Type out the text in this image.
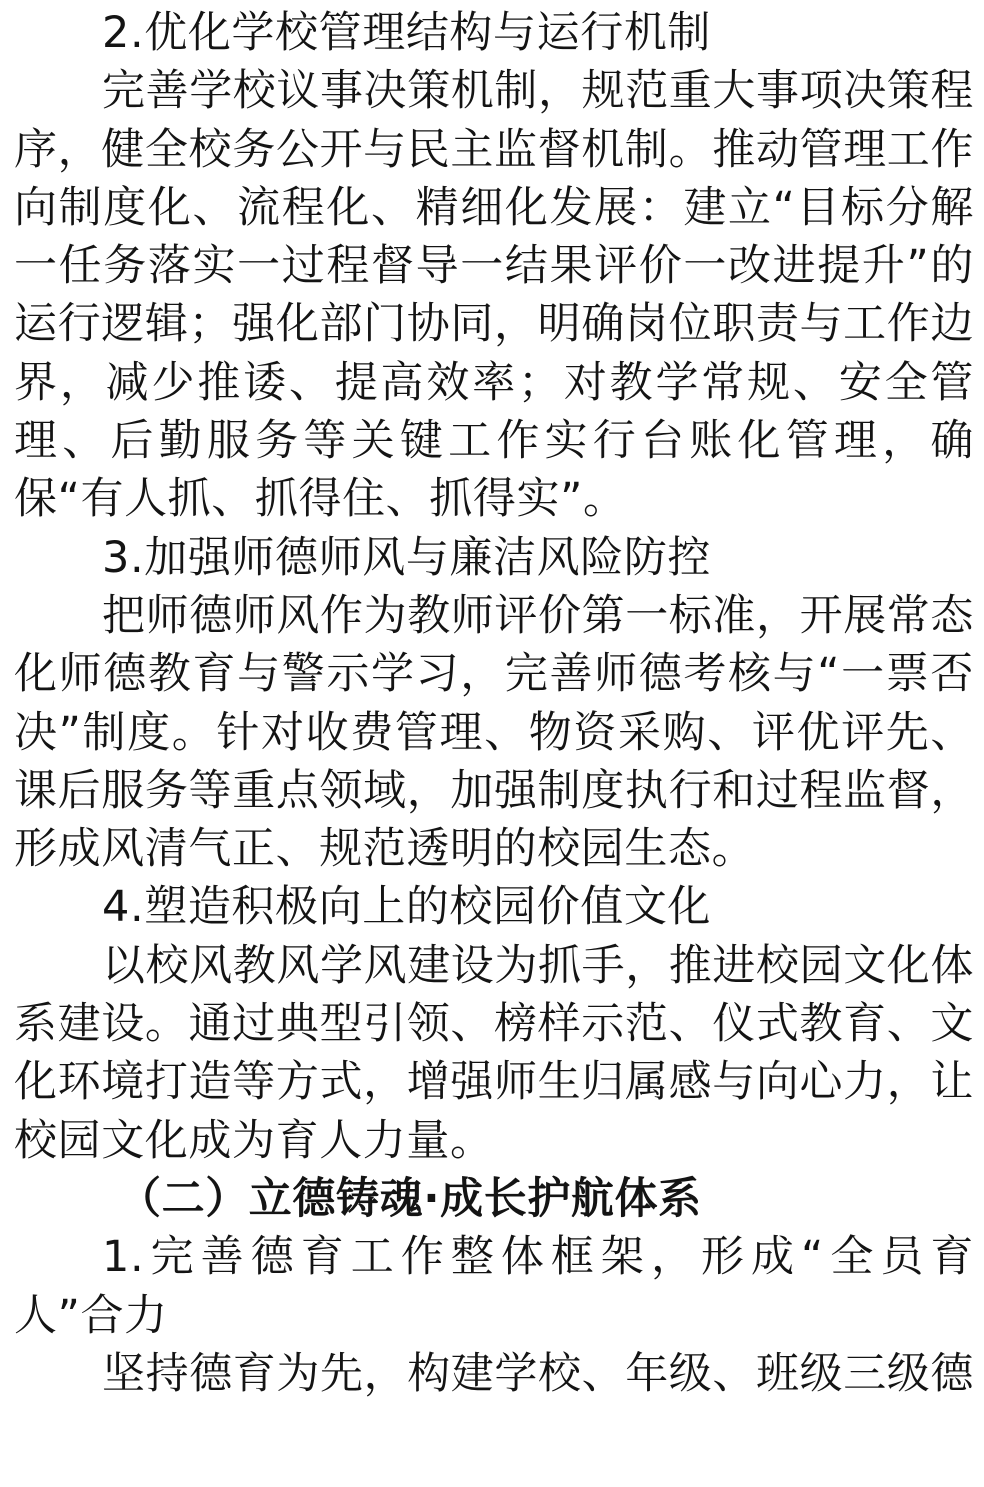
2.优化学校管理结构与运行机制

完善学校议事决策机制，规范重大事项决策程序，健全校务公开与民主监督机制。推动管理工作向制度化、流程化、精细化发展：建立“目标分解一任务落实一过程督导一结果评价一改进提升”的运行逻辑；强化部门协同，明确岗位职责与工作边界，减少推诿、提高效率；对教学常规、安全管理、后勤服务等关键工作实行台账化管理，确保“有人抓、抓得住、抓得实”。

3.加强师德师风与廉洁风险防控

把师德师风作为教师评价第一标准，开展常态化师德教育与警示学习，完善师德考核与“一票否决”制度。针对收费管理、物资采购、评优评先、课后服务等重点领域，加强制度执行和过程监督，形成风清气正、规范透明的校园生态。

4.塑造积极向上的校园价值文化

以校风教风学风建设为抓手，推进校园文化体系建设。通过典型引领、榜样示范、仪式教育、文化环境打造等方式，增强师生归属感与向心力，让校园文化成为育人力量。

（二）立德铸魂·成长护航体系

1.完善德育工作整体框架，形成“全员育人”合力

坚持德育为先，构建学校、年级、班级三级德
